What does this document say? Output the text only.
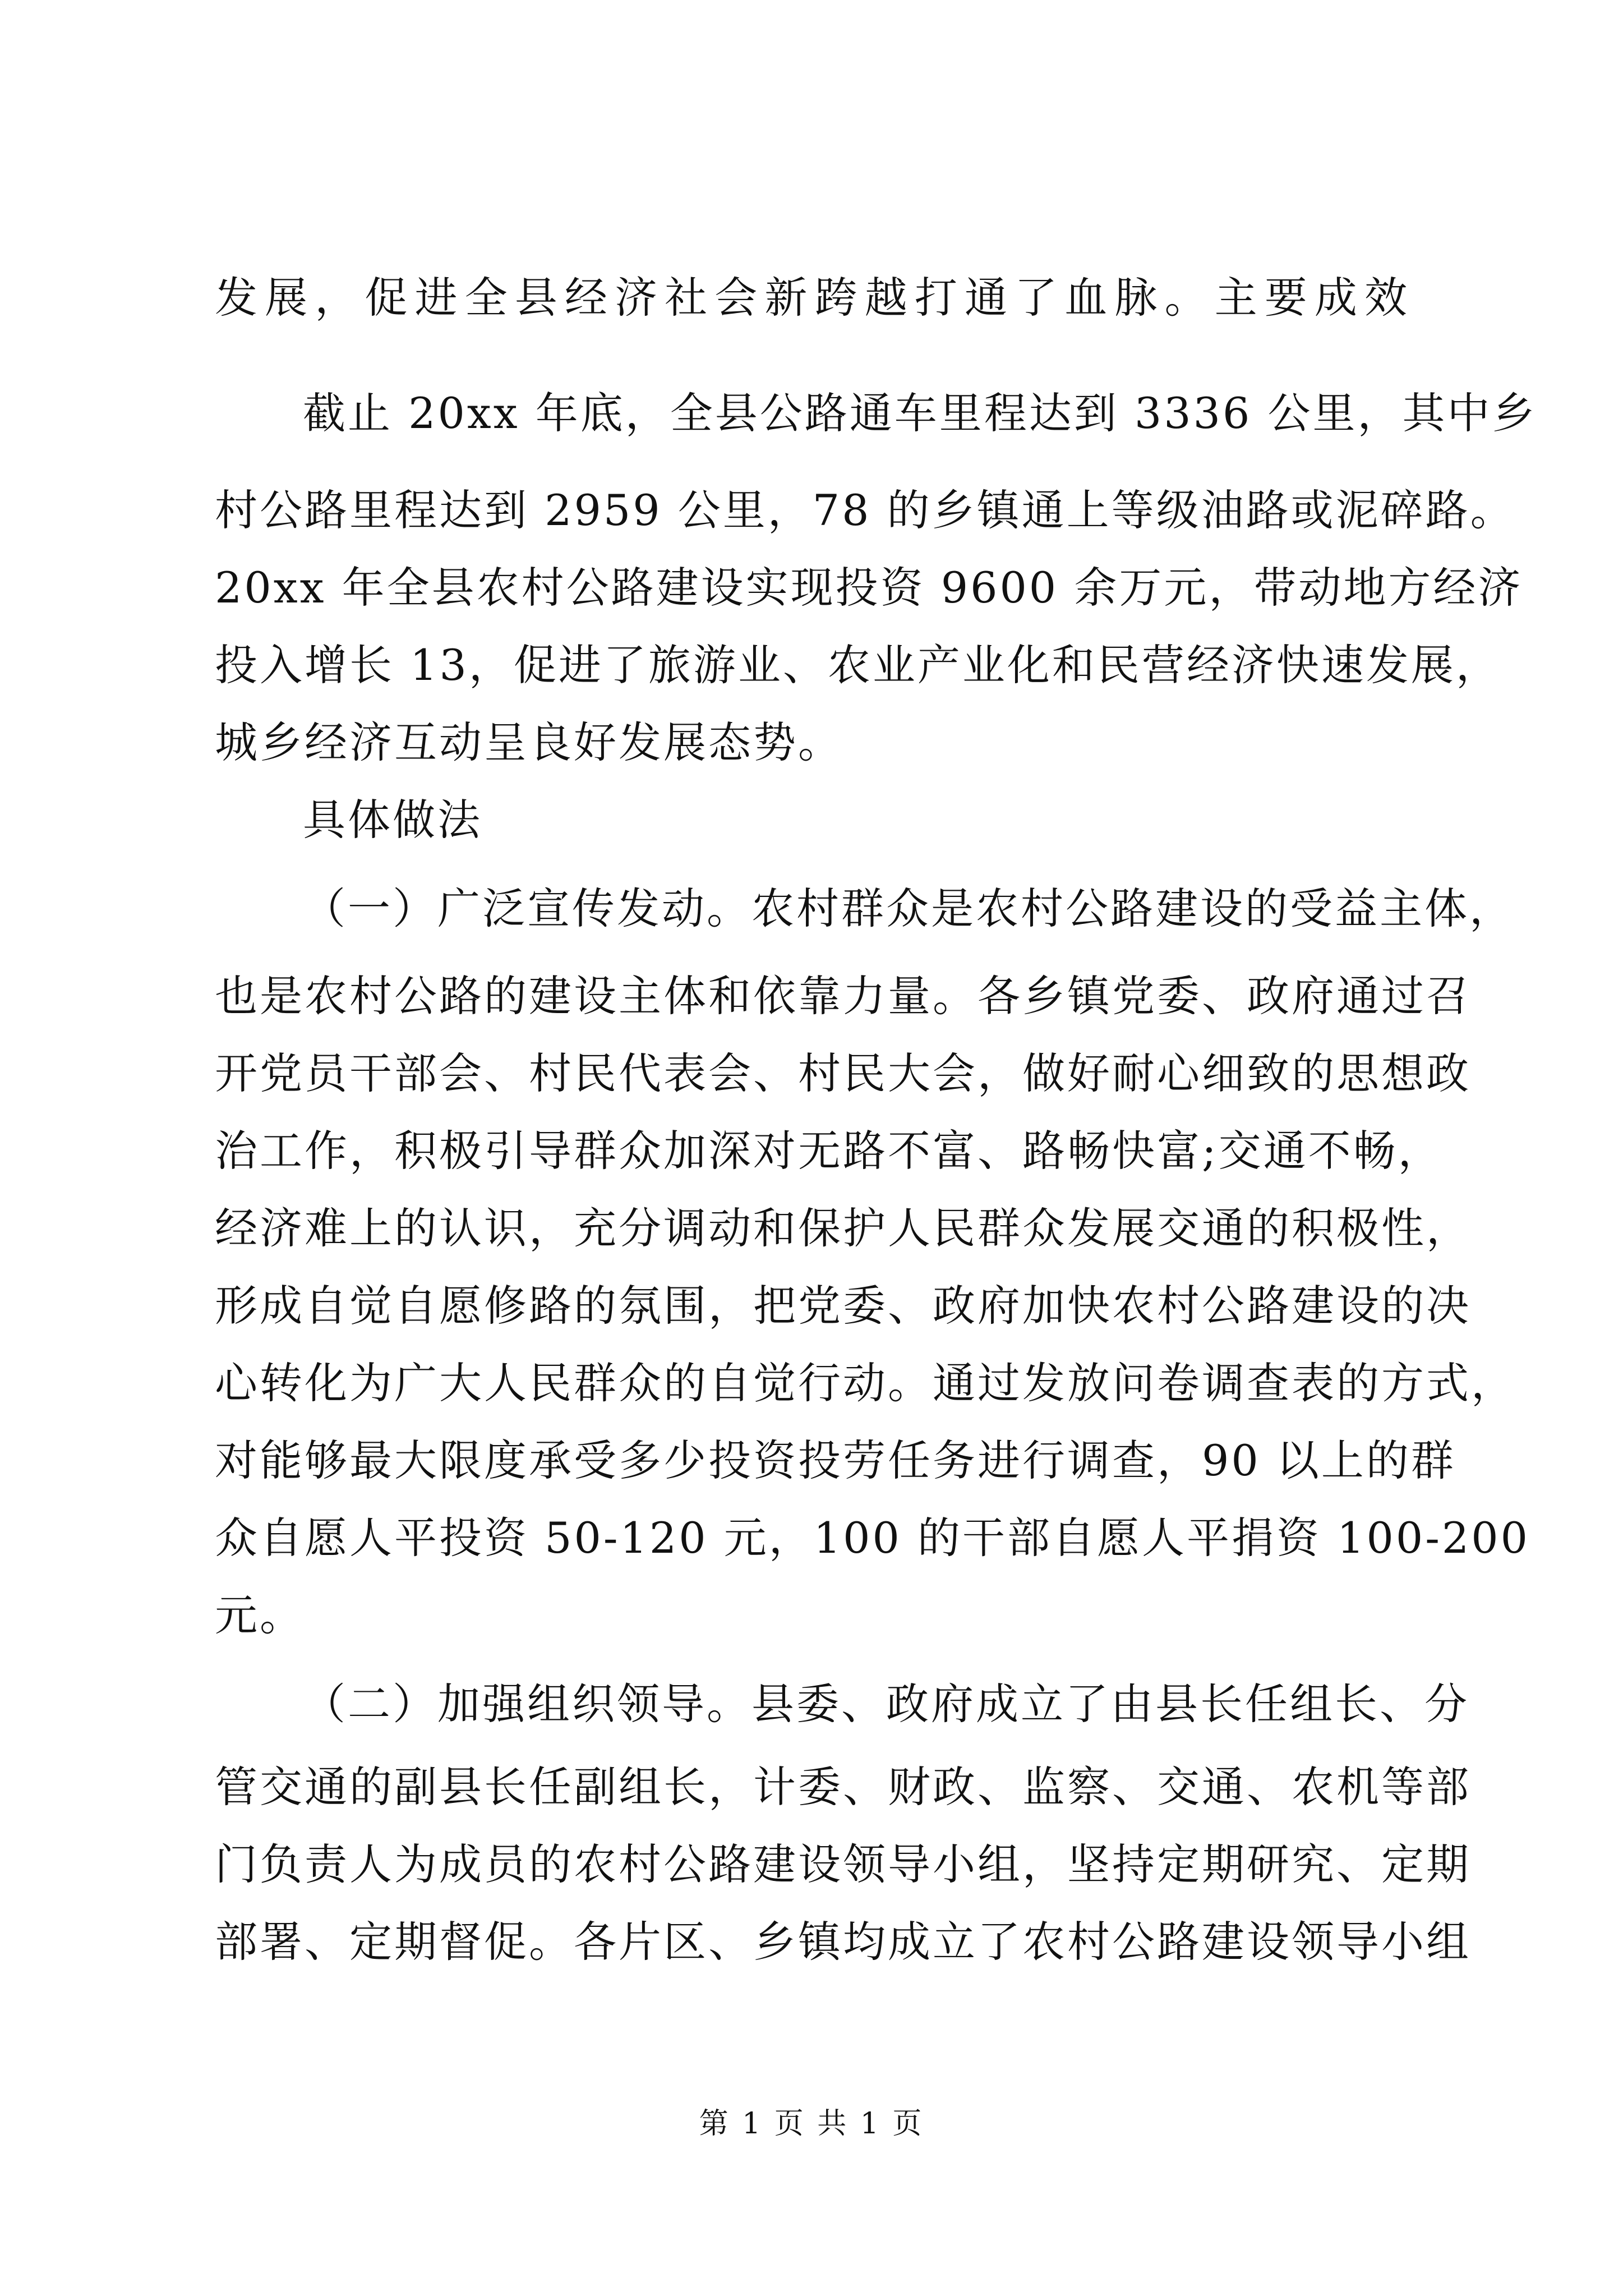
发展，促进全县经济社会新跨越打通了血脉。主要成效
截止 20xx 年底，全县公路通车里程达到 3336 公里，其中乡
村公路里程达到 2959 公里，78 的乡镇通上等级油路或泥碎路。
20xx 年全县农村公路建设实现投资 9600 余万元，带动地方经济
投入增长 13，促进了旅游业、农业产业化和民营经济快速发展，
城乡经济互动呈良好发展态势。
具体做法
（一）广泛宣传发动。农村群众是农村公路建设的受益主体，
也是农村公路的建设主体和依靠力量。各乡镇党委、政府通过召
开党员干部会、村民代表会、村民大会，做好耐心细致的思想政
治工作，积极引导群众加深对无路不富、路畅快富;交通不畅，
经济难上的认识，充分调动和保护人民群众发展交通的积极性，
形成自觉自愿修路的氛围，把党委、政府加快农村公路建设的决
心转化为广大人民群众的自觉行动。通过发放问卷调查表的方式，
对能够最大限度承受多少投资投劳任务进行调查，90 以上的群
众自愿人平投资 50-120 元，100 的干部自愿人平捐资 100-200
元。
（二）加强组织领导。县委、政府成立了由县长任组长、分
管交通的副县长任副组长，计委、财政、监察、交通、农机等部
门负责人为成员的农村公路建设领导小组，坚持定期研究、定期
部署、定期督促。各片区、乡镇均成立了农村公路建设领导小组
第 1 页 共 1 页
